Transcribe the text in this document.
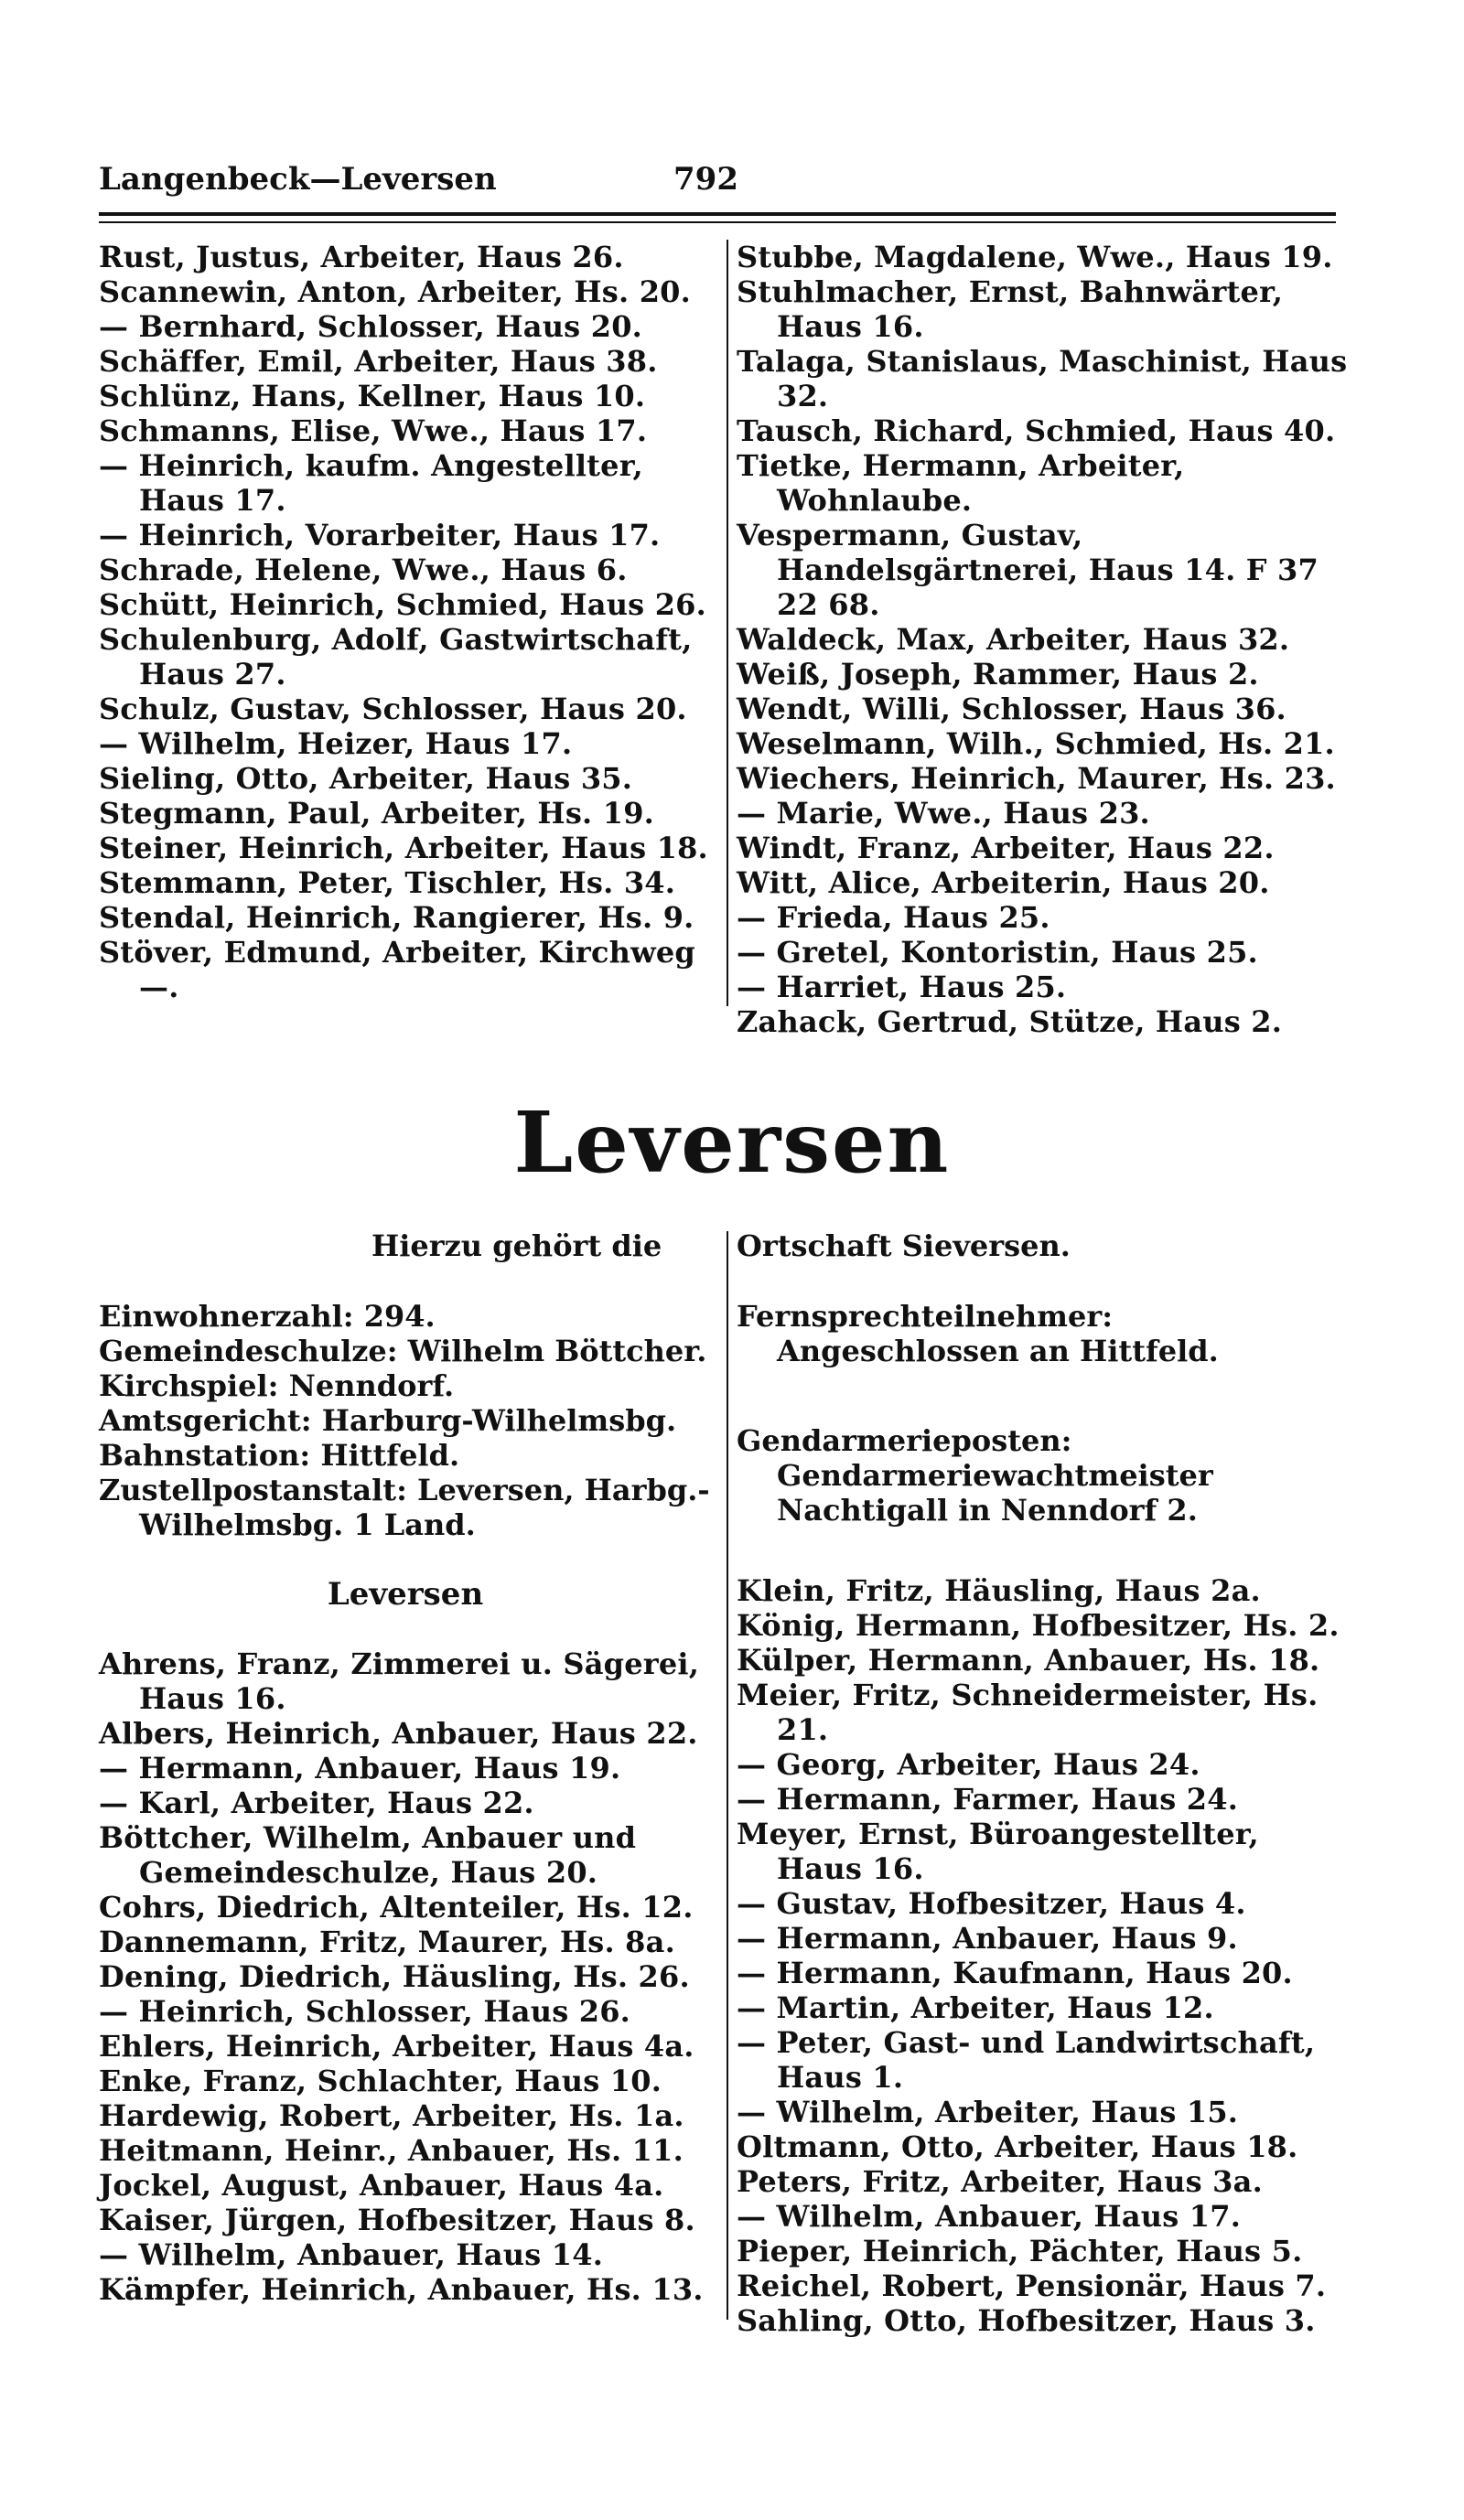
Langenbeck—Leversen	792
Rust, Justus, Arbeiter, Haus 26.
Scannewin, Anton, Arbeiter, Hs. 20.
— Bernhard, Schlosser, Haus 20.
Schäffer, Emil, Arbeiter, Haus 38.
Schlünz, Hans, Kellner, Haus 10.
Schmanns, Elise, Wwe., Haus 17.
— Heinrich, kaufm. Angestellter, Haus 17.
— Heinrich, Vorarbeiter, Haus 17.
Schrade, Helene, Wwe., Haus 6.
Schütt, Heinrich, Schmied, Haus 26.
Schulenburg, Adolf, Gastwirtschaft, Haus 27.
Schulz, Gustav, Schlosser, Haus 20.
— Wilhelm, Heizer, Haus 17.
Sieling, Otto, Arbeiter, Haus 35.
Stegmann, Paul, Arbeiter, Hs. 19.
Steiner, Heinrich, Arbeiter, Haus 18.
Stemmann, Peter, Tischler, Hs. 34.
Stendal, Heinrich, Rangierer, Hs. 9.
Stöver, Edmund, Arbeiter, Kirchweg —.
Stubbe, Magdalene, Wwe., Haus 19.
Stuhlmacher, Ernst, Bahnwärter, Haus 16.
Talaga, Stanislaus, Maschinist, Haus 32.
Tausch, Richard, Schmied, Haus 40.
Tietke, Hermann, Arbeiter, Wohnlaube.
Vespermann, Gustav, Handelsgärtnerei, Haus 14. F 37 22 68.
Waldeck, Max, Arbeiter, Haus 32.
Weiß, Joseph, Rammer, Haus 2.
Wendt, Willi, Schlosser, Haus 36.
Weselmann, Wilh., Schmied, Hs. 21.
Wiechers, Heinrich, Maurer, Hs. 23.
— Marie, Wwe., Haus 23.
Windt, Franz, Arbeiter, Haus 22.
Witt, Alice, Arbeiterin, Haus 20.
— Frieda, Haus 25.
— Gretel, Kontoristin, Haus 25.
— Harriet, Haus 25.
Zahack, Gertrud, Stütze, Haus 2.
Leversen
Hierzu gehört die	Ortschaft Sieversen.
Einwohnerzahl: 294.
Gemeindeschulze: Wilhelm Böttcher.
Kirchspiel: Nenndorf.
Amtsgericht: Harburg-Wilhelmsbg.
Bahnstation: Hittfeld.
Zustellpostanstalt: Leversen, Harbg.-Wilhelmsbg. 1 Land.
Fernsprechteilnehmer: Angeschlossen an Hittfeld.
Gendarmerieposten: Gendarmeriewachtmeister Nachtigall in Nenndorf 2.
Leversen
Ahrens, Franz, Zimmerei u. Sägerei, Haus 16.
Albers, Heinrich, Anbauer, Haus 22.
— Hermann, Anbauer, Haus 19.
— Karl, Arbeiter, Haus 22.
Böttcher, Wilhelm, Anbauer und Gemeindeschulze, Haus 20.
Cohrs, Diedrich, Altenteiler, Hs. 12.
Dannemann, Fritz, Maurer, Hs. 8a.
Dening, Diedrich, Häusling, Hs. 26.
— Heinrich, Schlosser, Haus 26.
Ehlers, Heinrich, Arbeiter, Haus 4a.
Enke, Franz, Schlachter, Haus 10.
Hardewig, Robert, Arbeiter, Hs. 1a.
Heitmann, Heinr., Anbauer, Hs. 11.
Jockel, August, Anbauer, Haus 4a.
Kaiser, Jürgen, Hofbesitzer, Haus 8.
— Wilhelm, Anbauer, Haus 14.
Kämpfer, Heinrich, Anbauer, Hs. 13.
Klein, Fritz, Häusling, Haus 2a.
König, Hermann, Hofbesitzer, Hs. 2.
Külper, Hermann, Anbauer, Hs. 18.
Meier, Fritz, Schneidermeister, Hs. 21.
— Georg, Arbeiter, Haus 24.
— Hermann, Farmer, Haus 24.
Meyer, Ernst, Büroangestellter, Haus 16.
— Gustav, Hofbesitzer, Haus 4.
— Hermann, Anbauer, Haus 9.
— Hermann, Kaufmann, Haus 20.
— Martin, Arbeiter, Haus 12.
— Peter, Gast- und Landwirtschaft, Haus 1.
— Wilhelm, Arbeiter, Haus 15.
Oltmann, Otto, Arbeiter, Haus 18.
Peters, Fritz, Arbeiter, Haus 3a.
— Wilhelm, Anbauer, Haus 17.
Pieper, Heinrich, Pächter, Haus 5.
Reichel, Robert, Pensionär, Haus 7.
Sahling, Otto, Hofbesitzer, Haus 3.
